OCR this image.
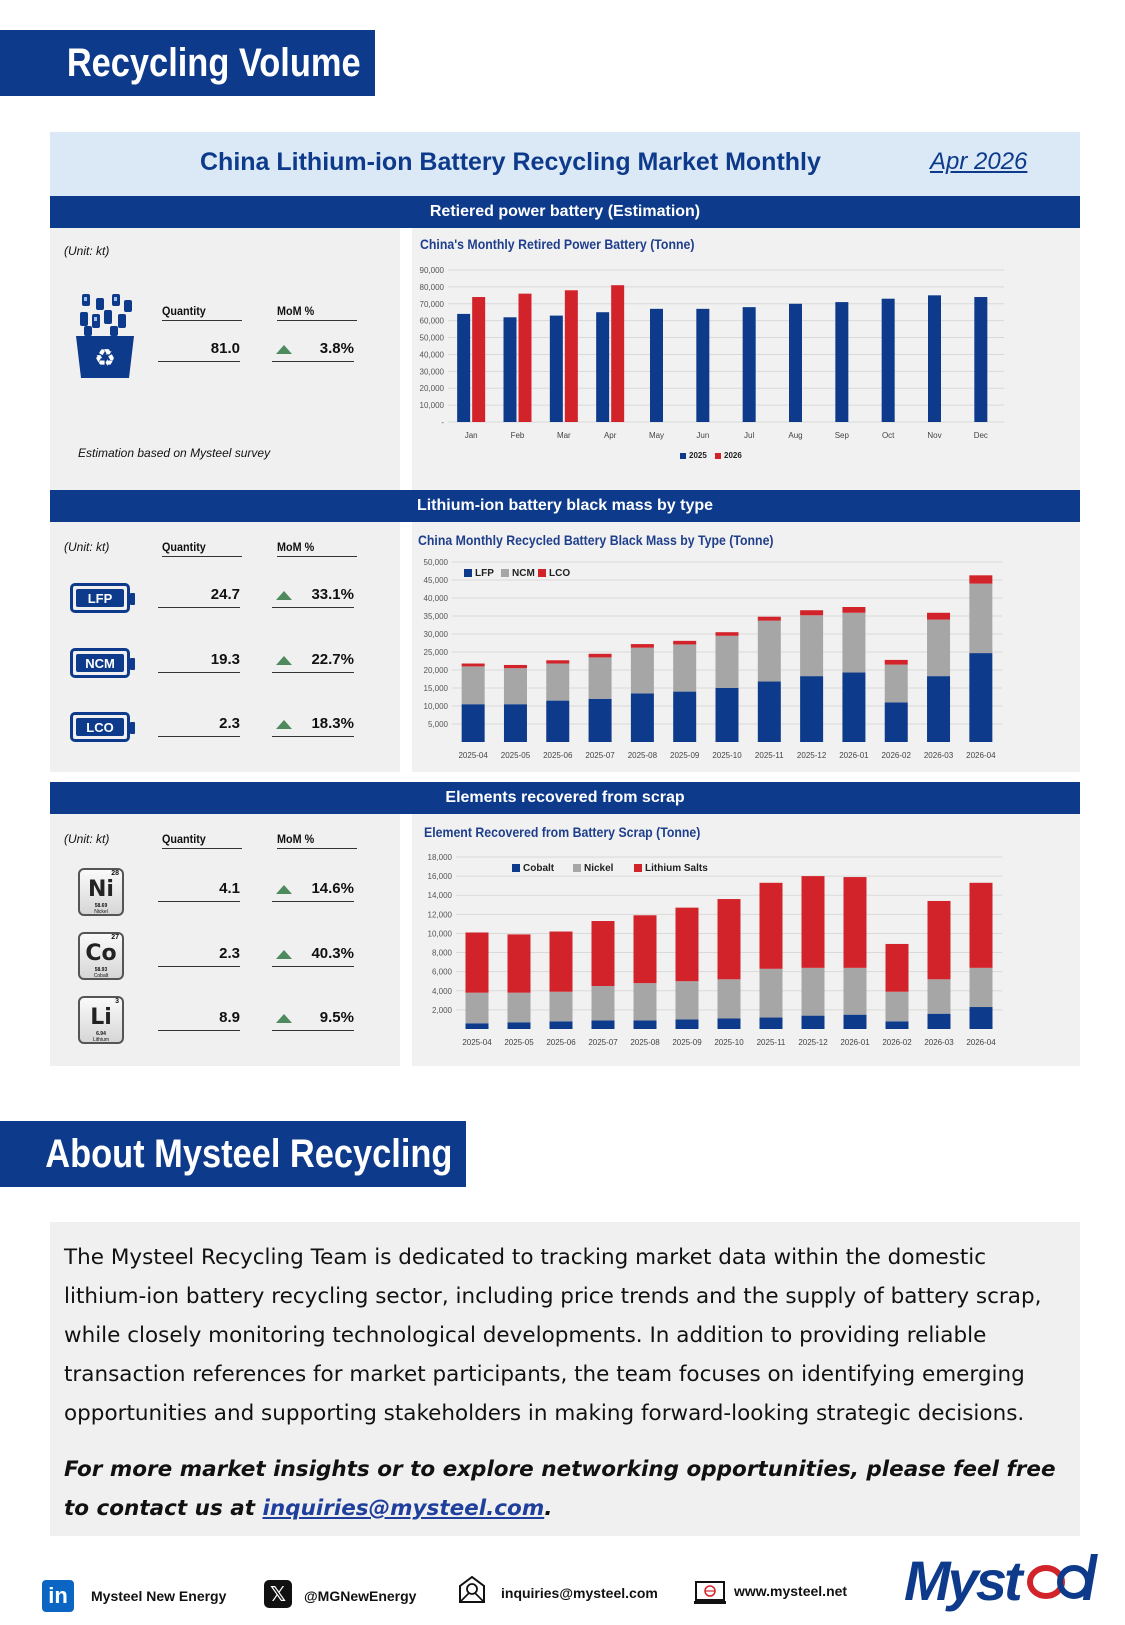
Recycling Volume
China Lithium-ion Battery Recycling Market Monthly	Apr 2026
Retiered power battery (Estimation)
(Unit: kt)
♻
Quantity	MoM %
81.0	3.8%
Estimation based on Mysteel survey
China's Monthly Retired Power Battery (Tonne)
-
10,000
20,000
30,000
40,000
50,000
60,000
70,000
80,000
90,000
Jan	Feb	Mar	Apr	May	Jun	Jul	Aug	Sep	Oct	Nov	Dec
2025 2026
Lithium-ion battery black mass by type
(Unit: kt)	Quantity	MoM %
LFP	24.7	33.1%
NCM	19.3	22.7%
LCO	2.3	18.3%
China Monthly Recycled Battery Black Mass by Type (Tonne)
5,000
10,000
15,000
20,000
25,000
30,000
35,000
40,000
45,000
50,000
2025-04 2025-05 2025-06 2025-07 2025-08 2025-09 2025-10 2025-11 2025-12 2026-01 2026-02 2026-03 2026-04
LFP NCM LCO
Elements recovered from scrap
(Unit: kt)	Quantity	MoM %
28
Ni
58.69
Nickel
4.1	14.6%
27
Co
58.93
Cobalt
2.3	40.3%
3
Li
6.94
Lithium
8.9	9.5%
Element Recovered from Battery Scrap (Tonne)
2,000
4,000
6,000
8,000
10,000
12,000
14,000
16,000
18,000
2025-04 2025-05 2025-06 2025-07 2025-08 2025-09 2025-10 2025-11 2025-12 2026-01 2026-02 2026-03 2026-04
Cobalt	Nickel	Lithium Salts
About Mysteel Recycling
The Mysteel Recycling Team is dedicated to tracking market data within the domestic lithium-ion battery recycling sector, including price trends and the supply of battery scrap, while closely monitoring technological developments. In addition to providing reliable transaction references for market participants, the team focuses on identifying emerging opportunities and supporting stakeholders in making forward-looking strategic decisions.
For more market insights or to explore networking opportunities, please feel free to contact us at inquiries@mysteel.com.
in	Mysteel New Energy 𝕏	@MGNewEnergy	inquiries@mysteel.com	www.mysteel.net Myst
